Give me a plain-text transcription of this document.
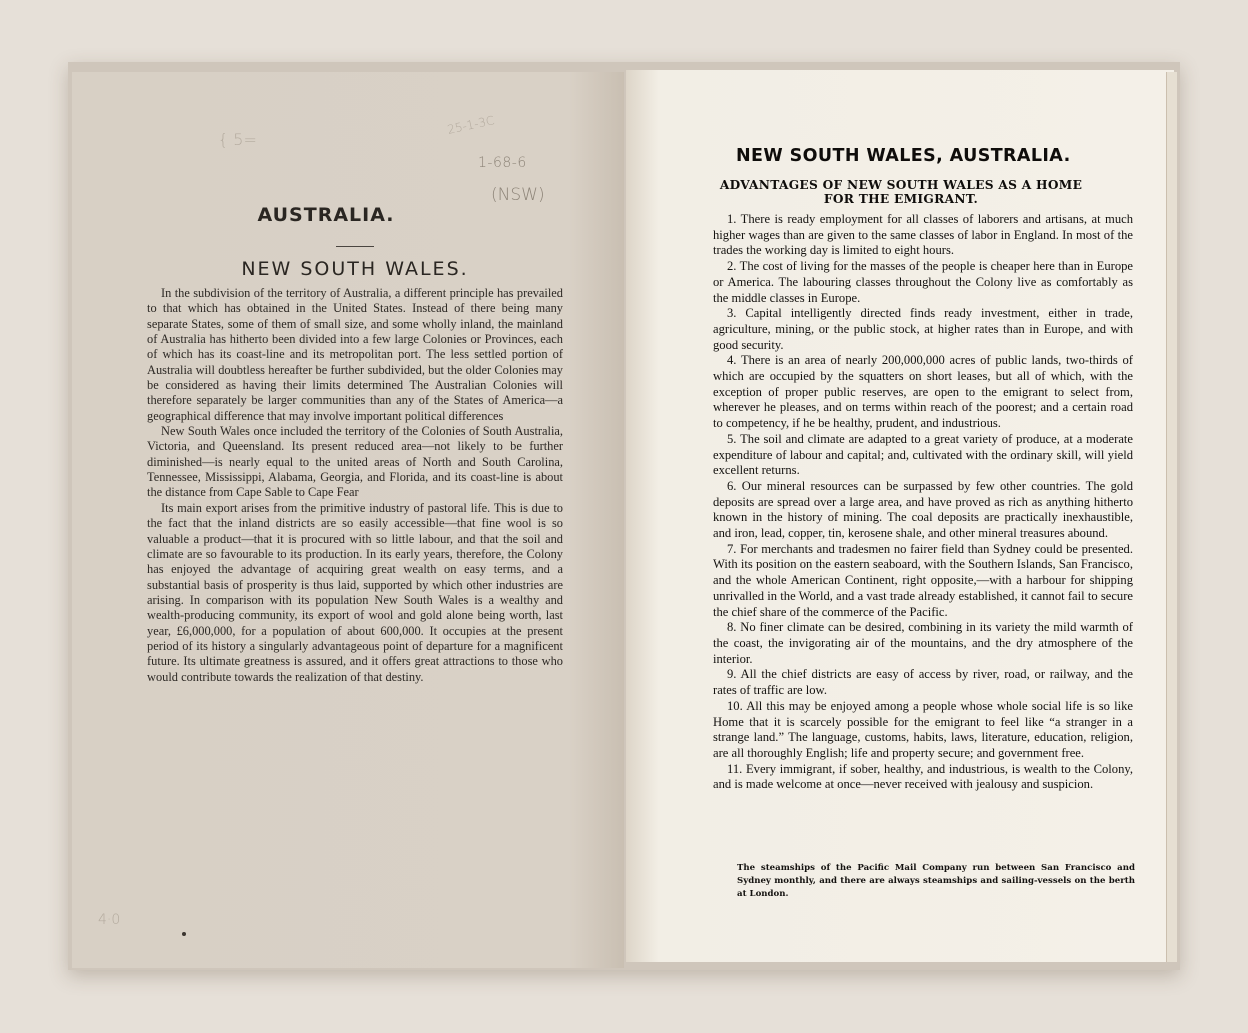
{ 5=
25-1-3C
1-68-6
(NSW)
4·0
AUSTRALIA.
NEW SOUTH WALES.

In the subdivision of the territory of Australia, a different principle has prevailed to that which has obtained in the United States. Instead of there being many separate States, some of them of small size, and some wholly inland, the mainland of Australia has hitherto been divided into a few large Colonies or Provinces, each of which has its coast-line and its metropolitan port. The less settled portion of Australia will doubtless hereafter be further subdivided, but the older Colonies may be considered as having their limits determined The Australian Colonies will therefore separately be larger communities than any of the States of America—a geographical difference that may involve important political differences

New South Wales once included the territory of the Colonies of South Australia, Victoria, and Queensland. Its present reduced area—not likely to be further diminished—is nearly equal to the united areas of North and South Carolina, Tennessee, Mississippi, Alabama, Georgia, and Florida, and its coast-line is about the distance from Cape Sable to Cape Fear

Its main export arises from the primitive industry of pastoral life. This is due to the fact that the inland districts are so easily accessible—that fine wool is so valuable a product—that it is procured with so little labour, and that the soil and climate are so favourable to its production. In its early years, therefore, the Colony has enjoyed the advantage of acquiring great wealth on easy terms, and a substantial basis of prosperity is thus laid, supported by which other industries are arising. In comparison with its population New South Wales is a wealthy and wealth-producing community, its export of wool and gold alone being worth, last year, £6,000,000, for a population of about 600,000. It occupies at the present period of its history a singularly advantageous point of departure for a magnificent future. Its ultimate greatness is assured, and it offers great attractions to those who would contribute towards the realization of that destiny.

NEW SOUTH WALES, AUSTRALIA.
ADVANTAGES OF NEW SOUTH WALES AS A HOME FOR THE EMIGRANT.

1. There is ready employment for all classes of laborers and artisans, at much higher wages than are given to the same classes of labor in England. In most of the trades the working day is limited to eight hours.

2. The cost of living for the masses of the people is cheaper here than in Europe or America. The labouring classes throughout the Colony live as comfortably as the middle classes in Europe.

3. Capital intelligently directed finds ready investment, either in trade, agriculture, mining, or the public stock, at higher rates than in Europe, and with good security.

4. There is an area of nearly 200,000,000 acres of public lands, two-thirds of which are occupied by the squatters on short leases, but all of which, with the exception of proper public reserves, are open to the emigrant to select from, wherever he pleases, and on terms within reach of the poorest; and a certain road to competency, if he be healthy, prudent, and industrious.

5. The soil and climate are adapted to a great variety of produce, at a moderate expenditure of labour and capital; and, cultivated with the ordinary skill, will yield excellent returns.

6. Our mineral resources can be surpassed by few other countries. The gold deposits are spread over a large area, and have proved as rich as anything hitherto known in the history of mining. The coal deposits are practically inexhaustible, and iron, lead, copper, tin, kerosene shale, and other mineral treasures abound.

7. For merchants and tradesmen no fairer field than Sydney could be presented. With its position on the eastern seaboard, with the Southern Islands, San Francisco, and the whole American Continent, right opposite,—with a harbour for shipping unrivalled in the World, and a vast trade already established, it cannot fail to secure the chief share of the commerce of the Pacific.

8. No finer climate can be desired, combining in its variety the mild warmth of the coast, the invigorating air of the mountains, and the dry atmosphere of the interior.

9. All the chief districts are easy of access by river, road, or railway, and the rates of traffic are low.

10. All this may be enjoyed among a people whose whole social life is so like Home that it is scarcely possible for the emigrant to feel like “a stranger in a strange land.” The language, customs, habits, laws, literature, education, religion, are all thoroughly English; life and property secure; and government free.

11. Every immigrant, if sober, healthy, and industrious, is wealth to the Colony, and is made welcome at once—never received with jealousy and suspicion.

The steamships of the Pacific Mail Company run between San Francisco and Sydney monthly, and there are always steamships and sailing-vessels on the berth at London.
